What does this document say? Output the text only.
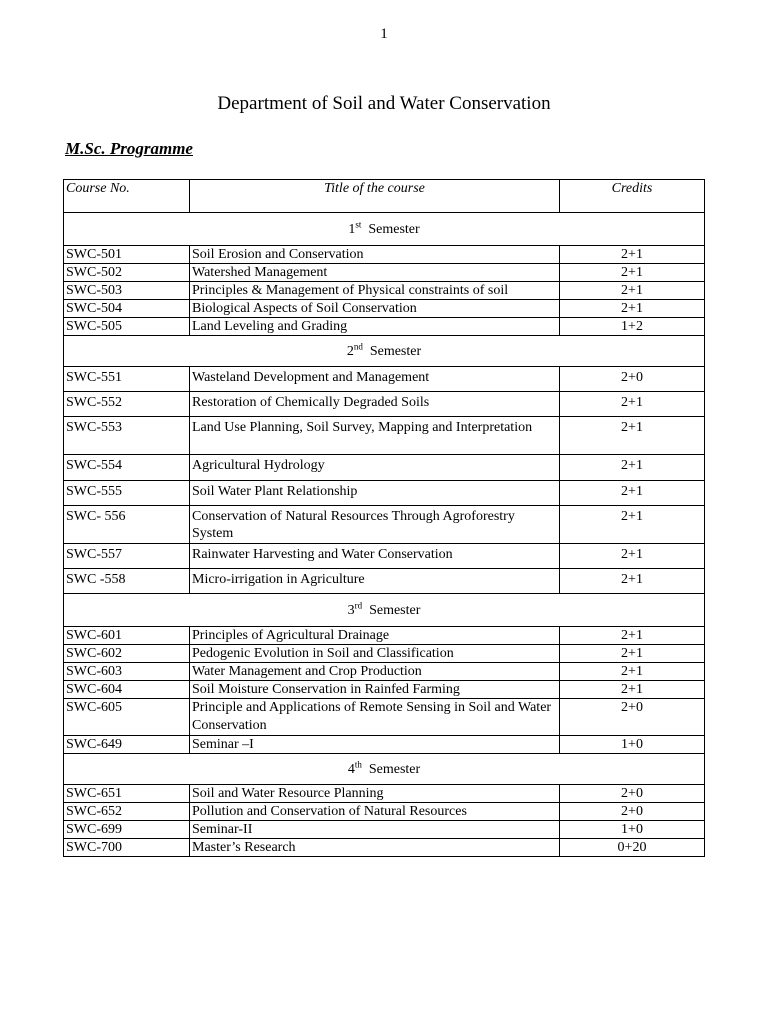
1
Department of Soil and Water Conservation
M.Sc. Programme
Course No.	Title of the course	Credits
1st Semester		
SWC-501	Soil Erosion and Conservation	2+1
SWC-502	Watershed Management	2+1
SWC-503	Principles & Management of Physical constraints of soil	2+1
SWC-504	Biological Aspects of Soil Conservation	2+1
SWC-505	Land Leveling and Grading	1+2
2nd Semester		
SWC-551	Wasteland Development and Management	2+0
SWC-552	Restoration of Chemically Degraded Soils	2+1
SWC-553	Land Use Planning, Soil Survey, Mapping and Interpretation	2+1
SWC-554	Agricultural Hydrology	2+1
SWC-555	Soil Water Plant Relationship	2+1
SWC- 556	Conservation of Natural Resources Through Agroforestry System	2+1
SWC-557	Rainwater Harvesting and Water Conservation	2+1
SWC -558	Micro-irrigation in Agriculture	2+1
3rd Semester		
SWC-601	Principles of Agricultural Drainage	2+1
SWC-602	Pedogenic Evolution in Soil and Classification	2+1
SWC-603	Water Management and Crop Production	2+1
SWC-604	Soil Moisture Conservation in Rainfed Farming	2+1
SWC-605	Principle and Applications of Remote Sensing in Soil and Water Conservation	2+0
SWC-649	Seminar –I	1+0
4th Semester		
SWC-651	Soil and Water Resource Planning	2+0
SWC-652	Pollution and Conservation of Natural Resources	2+0
SWC-699	Seminar-II	1+0
SWC-700	Master’s Research	0+20
